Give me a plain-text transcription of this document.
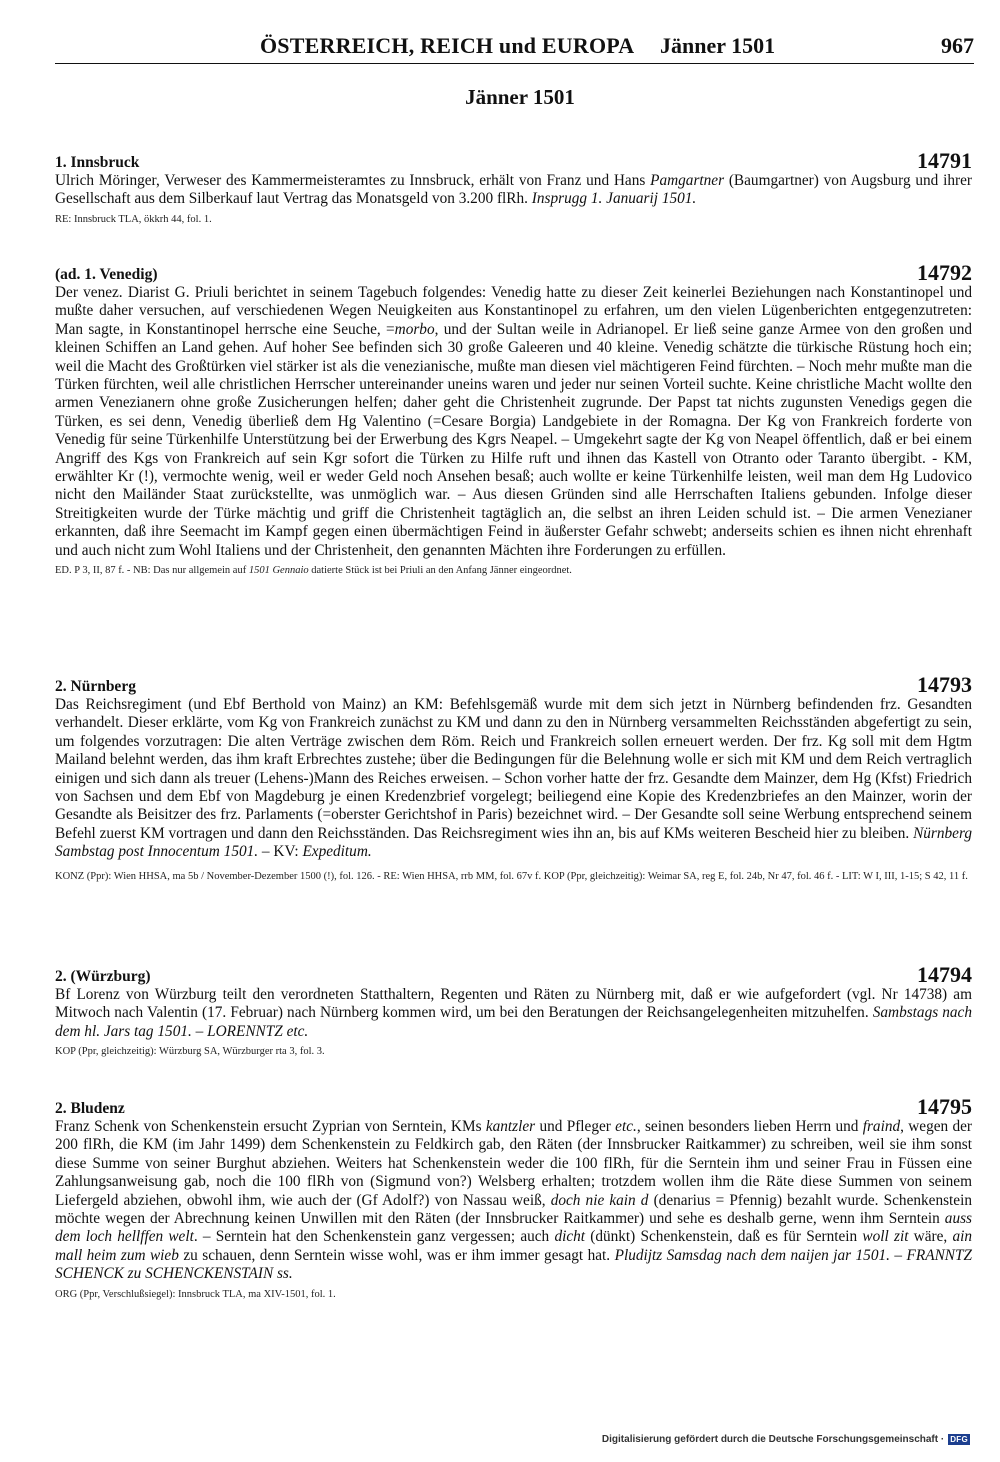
ÖSTERREICH, REICH und EUROPA Jänner 1501	967
Jänner 1501
1. Innsbruck	14791
Ulrich Möringer, Verweser des Kammermeisteramtes zu Innsbruck, erhält von Franz und Hans Pamgartner (Baumgartner) von Augsburg und ihrer Gesellschaft aus dem Silberkauf laut Vertrag das Monatsgeld von 3.200 flRh. Insprugg 1. Januarij 1501.
RE: Innsbruck TLA, ökkrh 44, fol. 1.
(ad. 1. Venedig)	14792
Der venez. Diarist G. Priuli berichtet in seinem Tagebuch folgendes: Venedig hatte zu dieser Zeit keinerlei Beziehungen nach Konstantinopel und mußte daher versuchen, auf verschiedenen Wegen Neuigkeiten aus Konstantinopel zu erfahren, um den vielen Lügenberichten entgegenzutreten: Man sagte, in Konstantinopel herrsche eine Seuche, =morbo, und der Sultan weile in Adrianopel. Er ließ seine ganze Armee von den großen und kleinen Schiffen an Land gehen. Auf hoher See befinden sich 30 große Galeeren und 40 kleine. Venedig schätzte die türkische Rüstung hoch ein; weil die Macht des Großtürken viel stärker ist als die venezianische, mußte man diesen viel mächtigeren Feind fürchten. – Noch mehr mußte man die Türken fürchten, weil alle christlichen Herrscher untereinander uneins waren und jeder nur seinen Vorteil suchte. Keine christliche Macht wollte den armen Venezianern ohne große Zusicherungen helfen; daher geht die Christenheit zugrunde. Der Papst tat nichts zugunsten Venedigs gegen die Türken, es sei denn, Venedig überließ dem Hg Valentino (=Cesare Borgia) Landgebiete in der Romagna. Der Kg von Frankreich forderte von Venedig für seine Türkenhilfe Unterstützung bei der Erwerbung des Kgrs Neapel. – Umgekehrt sagte der Kg von Neapel öffentlich, daß er bei einem Angriff des Kgs von Frankreich auf sein Kgr sofort die Türken zu Hilfe ruft und ihnen das Kastell von Otranto oder Taranto übergibt. - KM, erwählter Kr (!), vermochte wenig, weil er weder Geld noch Ansehen besaß; auch wollte er keine Türkenhilfe leisten, weil man dem Hg Ludovico nicht den Mailänder Staat zurückstellte, was unmöglich war. – Aus diesen Gründen sind alle Herrschaften Italiens gebunden. Infolge dieser Streitigkeiten wurde der Türke mächtig und griff die Christenheit tagtäglich an, die selbst an ihren Leiden schuld ist. – Die armen Venezianer erkannten, daß ihre Seemacht im Kampf gegen einen übermächtigen Feind in äußerster Gefahr schwebt; anderseits schien es ihnen nicht ehrenhaft und auch nicht zum Wohl Italiens und der Christenheit, den genannten Mächten ihre Forderungen zu erfüllen.
ED. P 3, II, 87 f. - NB: Das nur allgemein auf 1501 Gennaio datierte Stück ist bei Priuli an den Anfang Jänner eingeordnet.
2. Nürnberg	14793
Das Reichsregiment (und Ebf Berthold von Mainz) an KM: Befehlsgemäß wurde mit dem sich jetzt in Nürnberg befindenden frz. Gesandten verhandelt. Dieser erklärte, vom Kg von Frankreich zunächst zu KM und dann zu den in Nürnberg versammelten Reichsständen abgefertigt zu sein, um folgendes vorzutragen: Die alten Verträge zwischen dem Röm. Reich und Frankreich sollen erneuert werden. Der frz. Kg soll mit dem Hgtm Mailand belehnt werden, das ihm kraft Erbrechtes zustehe; über die Bedingungen für die Belehnung wolle er sich mit KM und dem Reich vertraglich einigen und sich dann als treuer (Lehens-)Mann des Reiches erweisen. – Schon vorher hatte der frz. Gesandte dem Mainzer, dem Hg (Kfst) Friedrich von Sachsen und dem Ebf von Magdeburg je einen Kredenzbrief vorgelegt; beiliegend eine Kopie des Kredenzbriefes an den Mainzer, worin der Gesandte als Beisitzer des frz. Parlaments (=oberster Gerichtshof in Paris) bezeichnet wird. – Der Gesandte soll seine Werbung entsprechend seinem Befehl zuerst KM vortragen und dann den Reichsständen. Das Reichsregiment wies ihn an, bis auf KMs weiteren Bescheid hier zu bleiben. Nürnberg Sambstag post Innocentum 1501. – KV: Expeditum.
KONZ (Ppr): Wien HHSA, ma 5b / November-Dezember 1500 (!), fol. 126. - RE: Wien HHSA, rrb MM, fol. 67v f. KOP (Ppr, gleichzeitig): Weimar SA, reg E, fol. 24b, Nr 47, fol. 46 f. - LIT: W I, III, 1-15; S 42, 11 f.
2. (Würzburg)	14794
Bf Lorenz von Würzburg teilt den verordneten Statthaltern, Regenten und Räten zu Nürnberg mit, daß er wie aufgefordert (vgl. Nr 14738) am Mitwoch nach Valentin (17. Februar) nach Nürnberg kommen wird, um bei den Beratungen der Reichsangelegenheiten mitzuhelfen. Sambstags nach dem hl. Jars tag 1501. – LORENNTZ etc.
KOP (Ppr, gleichzeitig): Würzburg SA, Würzburger rta 3, fol. 3.
2. Bludenz	14795
Franz Schenk von Schenkenstein ersucht Zyprian von Serntein, KMs kantzler und Pfleger etc., seinen besonders lieben Herrn und fraind, wegen der 200 flRh, die KM (im Jahr 1499) dem Schenkenstein zu Feldkirch gab, den Räten (der Innsbrucker Raitkammer) zu schreiben, weil sie ihm sonst diese Summe von seiner Burghut abziehen. Weiters hat Schenkenstein weder die 100 flRh, für die Serntein ihm und seiner Frau in Füssen eine Zahlungsanweisung gab, noch die 100 flRh von (Sigmund von?) Welsberg erhalten; trotzdem wollen ihm die Räte diese Summen von seinem Liefergeld abziehen, obwohl ihm, wie auch der (Gf Adolf?) von Nassau weiß, doch nie kain d (denarius = Pfennig) bezahlt wurde. Schenkenstein möchte wegen der Abrechnung keinen Unwillen mit den Räten (der Innsbrucker Raitkammer) und sehe es deshalb gerne, wenn ihm Serntein auss dem loch hellffen welt. – Serntein hat den Schenkenstein ganz vergessen; auch dicht (dünkt) Schenkenstein, daß es für Serntein woll zit wäre, ain mall heim zum wieb zu schauen, denn Serntein wisse wohl, was er ihm immer gesagt hat. Pludijtz Samsdag nach dem naijen jar 1501. – FRANNTZ SCHENCK zu SCHENCKENSTAIN ss.
ORG (Ppr, Verschlußsiegel): Innsbruck TLA, ma XIV-1501, fol. 1.
Digitalisierung gefördert durch die Deutsche Forschungsgemeinschaft · DFG
